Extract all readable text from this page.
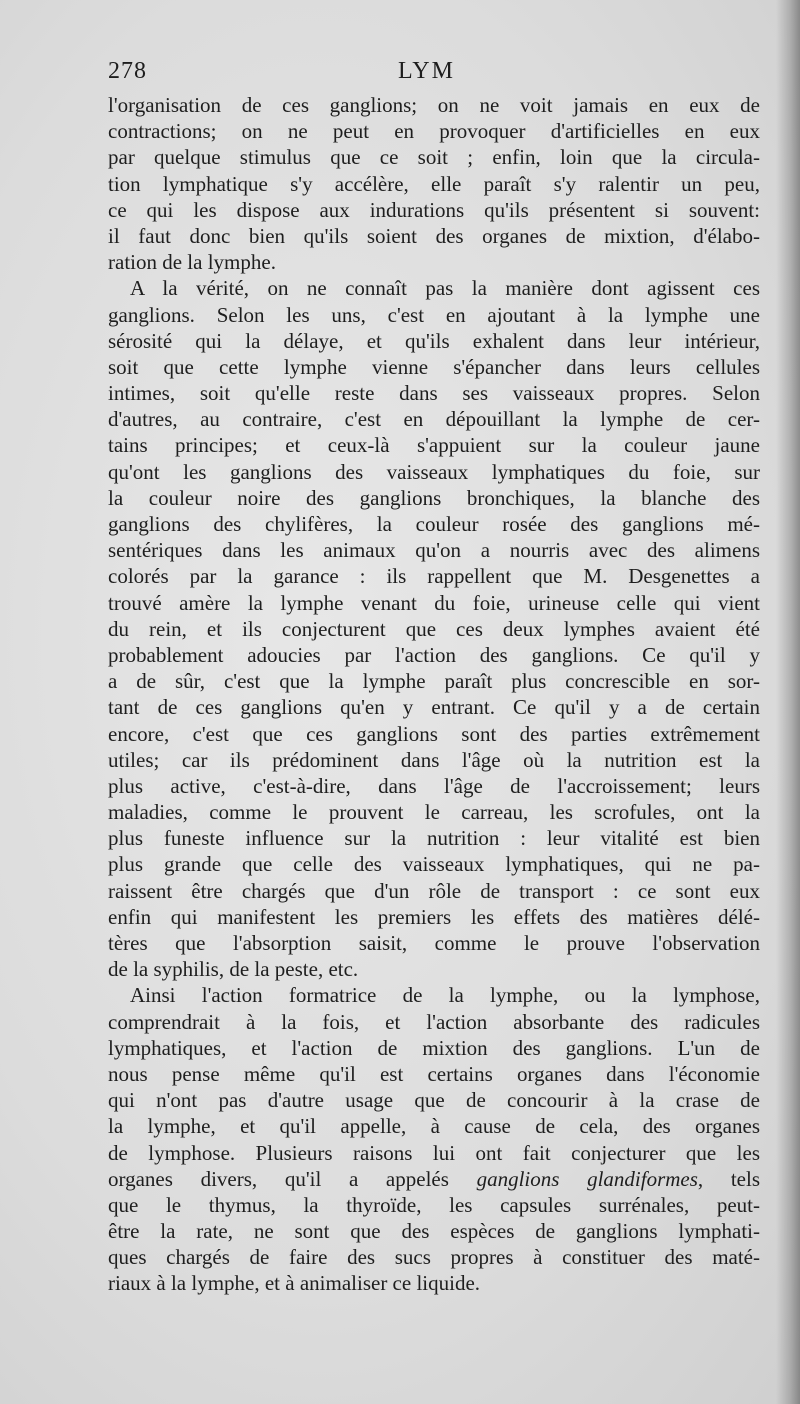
278	LYM
l'organisation de ces ganglions; on ne voit jamais en eux de
contractions; on ne peut en provoquer d'artificielles en eux
par quelque stimulus que ce soit ; enfin, loin que la circula-
tion lymphatique s'y accélère, elle paraît s'y ralentir un peu,
ce qui les dispose aux indurations qu'ils présentent si souvent:
il faut donc bien qu'ils soient des organes de mixtion, d'élabo-
ration de la lymphe.
A la vérité, on ne connaît pas la manière dont agissent ces
ganglions. Selon les uns, c'est en ajoutant à la lymphe une
sérosité qui la délaye, et qu'ils exhalent dans leur intérieur,
soit que cette lymphe vienne s'épancher dans leurs cellules
intimes, soit qu'elle reste dans ses vaisseaux propres. Selon
d'autres, au contraire, c'est en dépouillant la lymphe de cer-
tains principes; et ceux-là s'appuient sur la couleur jaune
qu'ont les ganglions des vaisseaux lymphatiques du foie, sur
la couleur noire des ganglions bronchiques, la blanche des
ganglions des chylifères, la couleur rosée des ganglions mé-
sentériques dans les animaux qu'on a nourris avec des alimens
colorés par la garance : ils rappellent que M. Desgenettes a
trouvé amère la lymphe venant du foie, urineuse celle qui vient
du rein, et ils conjecturent que ces deux lymphes avaient été
probablement adoucies par l'action des ganglions. Ce qu'il y
a de sûr, c'est que la lymphe paraît plus concrescible en sor-
tant de ces ganglions qu'en y entrant. Ce qu'il y a de certain
encore, c'est que ces ganglions sont des parties extrêmement
utiles; car ils prédominent dans l'âge où la nutrition est la
plus active, c'est-à-dire, dans l'âge de l'accroissement; leurs
maladies, comme le prouvent le carreau, les scrofules, ont la
plus funeste influence sur la nutrition : leur vitalité est bien
plus grande que celle des vaisseaux lymphatiques, qui ne pa-
raissent être chargés que d'un rôle de transport : ce sont eux
enfin qui manifestent les premiers les effets des matières délé-
tères que l'absorption saisit, comme le prouve l'observation
de la syphilis, de la peste, etc.
Ainsi l'action formatrice de la lymphe, ou la lymphose,
comprendrait à la fois, et l'action absorbante des radicules
lymphatiques, et l'action de mixtion des ganglions. L'un de
nous pense même qu'il est certains organes dans l'économie
qui n'ont pas d'autre usage que de concourir à la crase de
la lymphe, et qu'il appelle, à cause de cela, des organes
de lymphose. Plusieurs raisons lui ont fait conjecturer que les
organes divers, qu'il a appelés ganglions glandiformes, tels
que le thymus, la thyroïde, les capsules surrénales, peut-
être la rate, ne sont que des espèces de ganglions lymphati-
ques chargés de faire des sucs propres à constituer des maté-
riaux à la lymphe, et à animaliser ce liquide.
